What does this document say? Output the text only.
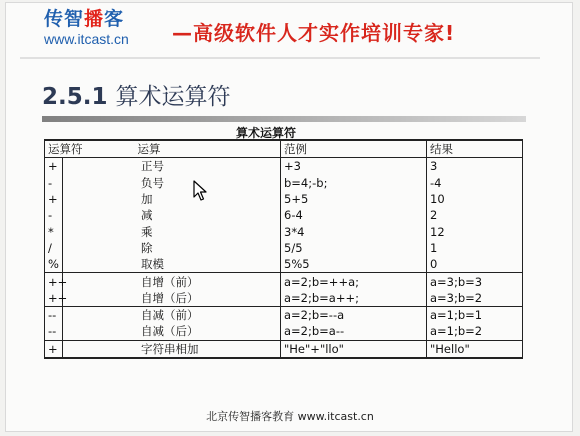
传智播客
www.itcast.cn —高级软件人才实作培训专家!
2.5.1 算术运算符
算术运算符
运算符 运算		范例	结果
+	正号	+3	3
-	负号	b=4;-b;	-4
+	加	5+5	10
-	减	6-4	2
*	乘	3*4	12
/	除	5/5	1
%	取模	5%5	0
++	自增（前）	a=2;b=++a;	a=3;b=3
++	自增（后）	a=2;b=a++;	a=3;b=2
--	自减（前）	a=2;b=--a	a=1;b=1
--	自减（后）	a=2;b=a--	a=1;b=2
+	字符串相加	"He"+"llo"	"Hello"
北京传智播客教育 www.itcast.cn
